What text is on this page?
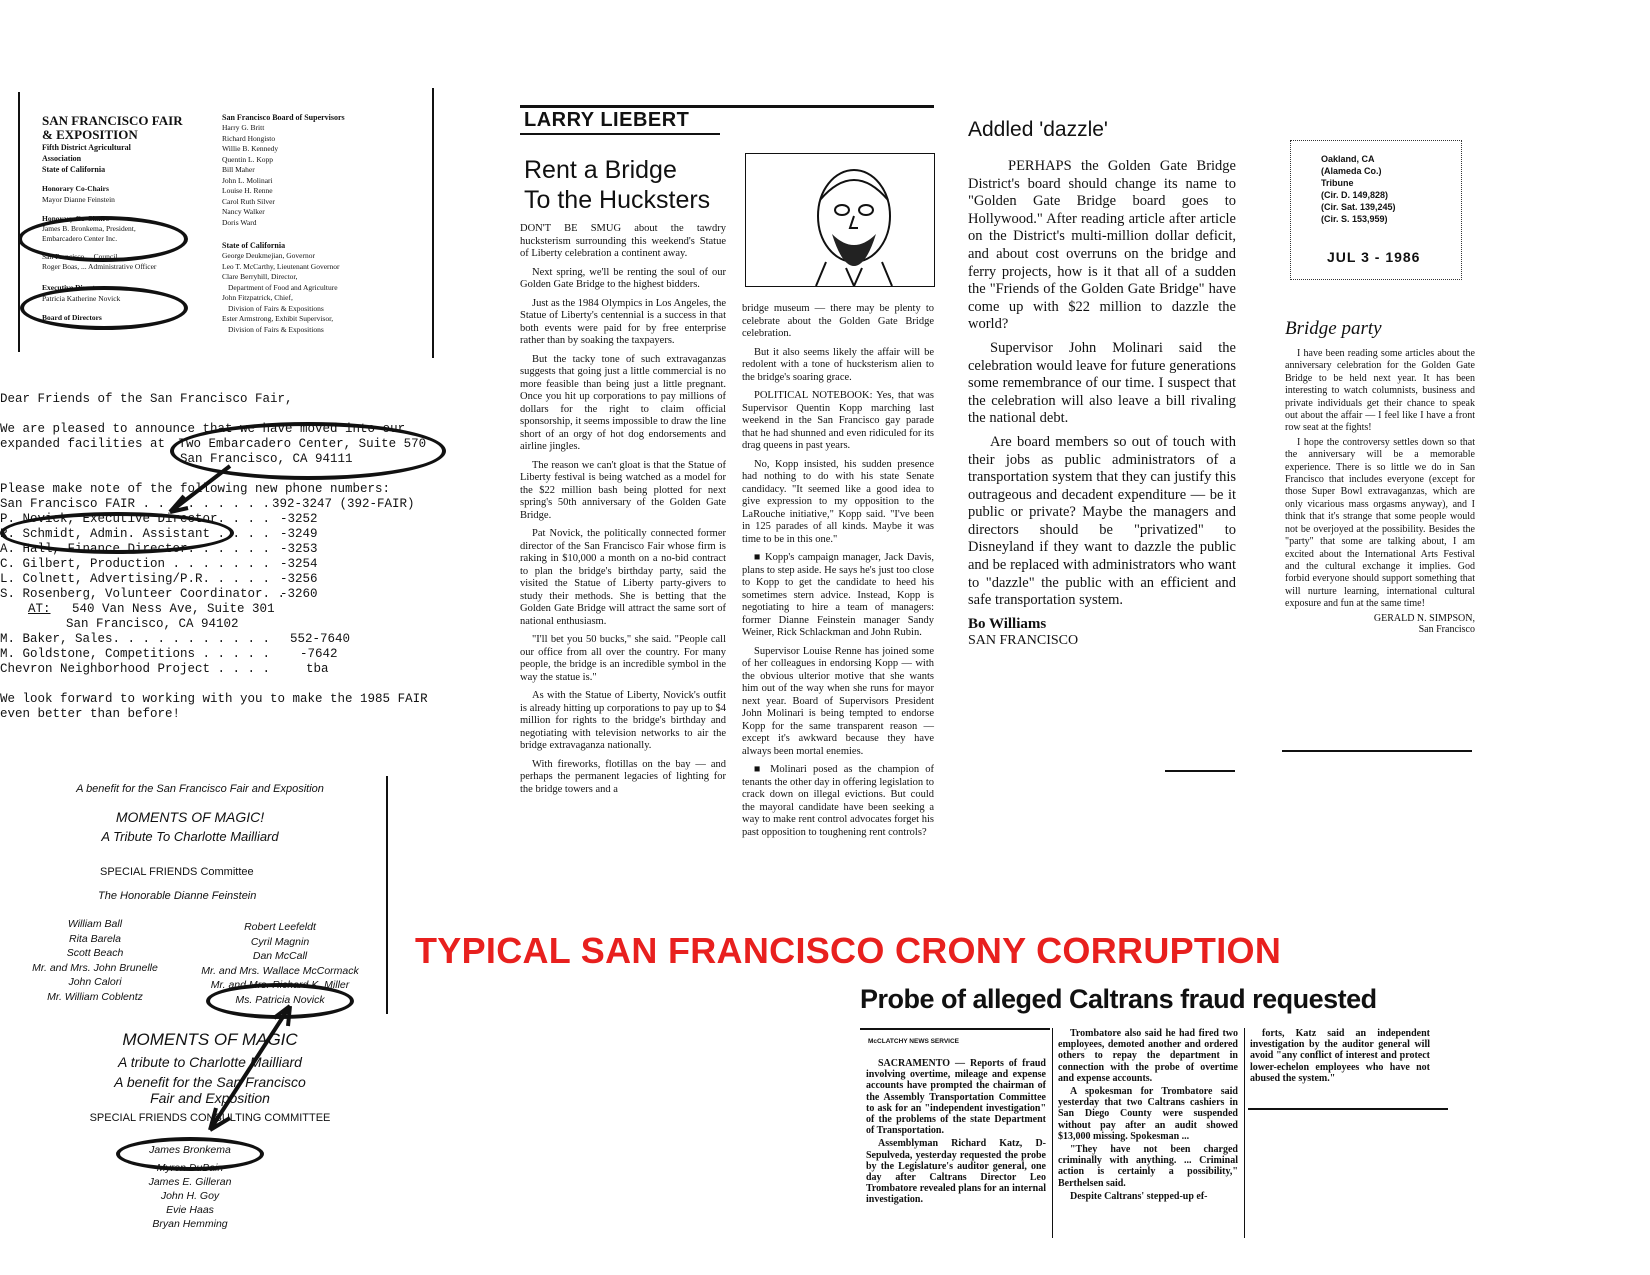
SAN FRANCISCO FAIR
& EXPOSITION
Fifth District Agricultural
Association
State of California
Honorary Co-Chairs
Mayor Dianne Feinstein
Honorary Co-Chairs
James B. Bronkema, President,
Embarcadero Center Inc.
San Francisco ... Council
Roger Boas, ... Administrative Officer
Executive Director
Patricia Katherine Novick
Board of Directors
San Francisco Board of Supervisors
Harry G. Britt
Richard Hongisto
Willie B. Kennedy
Quentin L. Kopp
Bill Maher
John L. Molinari
Louise H. Renne
Carol Ruth Silver
Nancy Walker
Doris Ward
State of California
George Deukmejian, Governor
Leo T. McCarthy, Lieutenant Governor
Clare Berryhill, Director,
Department of Food and Agriculture
John Fitzpatrick, Chief,
Division of Fairs & Expositions
Ester Armstrong, Exhibit Supervisor,
Division of Fairs & Expositions
Dear Friends of the San Francisco Fair,
We are pleased to announce that we have moved into our
expanded facilities at Two Embarcadero Center, Suite 570
San Francisco, CA 94111
Please make note of the following new phone numbers:
San Francisco FAIR . . . . . . . . . 392-3247 (392-FAIR)
P. Novick, Executive Director. . . . -3252
R. Schmidt, Admin. Assistant . . . . -3249
A. Hall, Finance Director. . . . . . -3253
C. Gilbert, Production . . . . . . . -3254
L. Colnett, Advertising/P.R. . . . . -3256
S. Rosenberg, Volunteer Coordinator. .-3260
AT: 540 Van Ness Ave, Suite 301
San Francisco, CA 94102
M. Baker, Sales. . . . . . . . . . . 552-7640
M. Goldstone, Competitions . . . . . -7642
Chevron Neighborhood Project . . . .	tba
We look forward to working with you to make the 1985 FAIR
even better than before!
A benefit for the San Francisco Fair and Exposition
MOMENTS OF MAGIC!
A Tribute To Charlotte Mailliard
SPECIAL FRIENDS Committee
The Honorable Dianne Feinstein
William Ball
Rita Barela
Scott Beach
Mr. and Mrs. John Brunelle
John Calori
Mr. William Coblentz
Robert Leefeldt
Cyril Magnin
Dan McCall
Mr. and Mrs. Wallace McCormack
Mr. and Mrs. Richard K. Miller
Ms. Patricia Novick
MOMENTS OF MAGIC
A tribute to Charlotte Mailliard
A benefit for the San Francisco
Fair and Exposition
SPECIAL FRIENDS CONSULTING COMMITTEE
James Bronkema
Myron DuBain
James E. Gilleran
John H. Goy
Evie Haas
Bryan Hemming
LARRY LIEBERT
Rent a Bridge
To the Hucksters

DON'T BE SMUG about the tawdry hucksterism surrounding this weekend's Statue of Liberty celebration a continent away.

Next spring, we'll be renting the soul of our Golden Gate Bridge to the highest bidders.

Just as the 1984 Olympics in Los Angeles, the Statue of Liberty's centennial is a success in that both events were paid for by free enterprise rather than by soaking the taxpayers.

But the tacky tone of such extravaganzas suggests that going just a little commercial is no more feasible than being just a little pregnant. Once you hit up corporations to pay millions of dollars for the right to claim official sponsorship, it seems impossible to draw the line short of an orgy of hot dog endorsements and airline jingles.

The reason we can't gloat is that the Statue of Liberty festival is being watched as a model for the $22 million bash being plotted for next spring's 50th anniversary of the Golden Gate Bridge.

Pat Novick, the politically connected former director of the San Francisco Fair whose firm is raking in $10,000 a month on a no-bid contract to plan the bridge's birthday party, said the visited the Statue of Liberty party-givers to study their methods. She is betting that the Golden Gate Bridge will attract the same sort of national enthusiasm.

"I'll bet you 50 bucks," she said. "People call our office from all over the country. For many people, the bridge is an incredible symbol in the way the statue is."

As with the Statue of Liberty, Novick's outfit is already hitting up corporations to pay up to $4 million for rights to the bridge's birthday and negotiating with television networks to air the bridge extravaganza nationally.

With fireworks, flotillas on the bay — and perhaps the permanent legacies of lighting for the bridge towers and a

bridge museum — there may be plenty to celebrate about the Golden Gate Bridge celebration.

But it also seems likely the affair will be redolent with a tone of hucksterism alien to the bridge's soaring grace.

POLITICAL NOTEBOOK: Yes, that was Supervisor Quentin Kopp marching last weekend in the San Francisco gay parade that he had shunned and even ridiculed for its drag queens in past years.

No, Kopp insisted, his sudden presence had nothing to do with his state Senate candidacy. "It seemed like a good idea to give expression to my opposition to the LaRouche initiative," Kopp said. "I've been in 125 parades of all kinds. Maybe it was time to be in this one."

■ Kopp's campaign manager, Jack Davis, plans to step aside. He says he's just too close to Kopp to get the candidate to heed his sometimes stern advice. Instead, Kopp is negotiating to hire a team of managers: former Dianne Feinstein manager Sandy Weiner, Rick Schlackman and John Rubin.

Supervisor Louise Renne has joined some of her colleagues in endorsing Kopp — with the obvious ulterior motive that she wants him out of the way when she runs for mayor next year. Board of Supervisors President John Molinari is being tempted to endorse Kopp for the same transparent reason — except it's awkward because they have always been mortal enemies.

■ Molinari posed as the champion of tenants the other day in offering legislation to crack down on illegal evictions. But could the mayoral candidate have been seeking a way to make rent control advocates forget his past opposition to toughening rent controls?

Addled 'dazzle'

PERHAPS the Golden Gate Bridge District's board should change its name to "Golden Gate Bridge board goes to Hollywood." After reading article after article on the District's multi-million dollar deficit, and about cost overruns on the bridge and ferry projects, how is it that all of a sudden the "Friends of the Golden Gate Bridge" have come up with $22 million to dazzle the world?

Supervisor John Molinari said the celebration would leave for future generations some remembrance of our time. I suspect that the celebration will also leave a bill rivaling the national debt.

Are board members so out of touch with their jobs as public administrators of a transportation system that they can justify this outrageous and decadent expenditure — be it public or private? Maybe the managers and directors should be "privatized" to Disneyland if they want to dazzle the public and be replaced with administrators who want to "dazzle" the public with an efficient and safe transportation system.

Bo Williams
SAN FRANCISCO
Oakland, CA
(Alameda Co.)
Tribune
(Cir. D. 149,828)
(Cir. Sat. 139,245)
(Cir. S. 153,959)
JUL 3 - 1986
Bridge party

I have been reading some articles about the anniversary celebration for the Golden Gate Bridge to be held next year. It has been interesting to watch columnists, business and private individuals get their chance to speak out about the affair — I feel like I have a front row seat at the fights!

I hope the controversy settles down so that the anniversary will be a memorable experience. There is so little we do in San Francisco that includes everyone (except for those Super Bowl extravaganzas, which are only vicarious mass orgasms anyway), and I think that it's strange that some people would not be overjoyed at the possibility. Besides the "party" that some are talking about, I am excited about the International Arts Festival and the cultural exchange it implies. God forbid everyone should support something that will nurture learning, international cultural exposure and fun at the same time!

GERALD N. SIMPSON,
San Francisco
TYPICAL SAN FRANCISCO CRONY CORRUPTION
Probe of alleged Caltrans fraud requested
McCLATCHY NEWS SERVICE

SACRAMENTO — Reports of fraud involving overtime, mileage and expense accounts have prompted the chairman of the Assembly Transportation Committee to ask for an "independent investigation" of the problems of the state Department of Transportation.

Assemblyman Richard Katz, D-Sepulveda, yesterday requested the probe by the Legislature's auditor general, one day after Caltrans Director Leo Trombatore revealed plans for an internal investigation.

Trombatore also said he had fired two employees, demoted another and ordered others to repay the department in connection with the probe of overtime and expense accounts.

A spokesman for Trombatore said yesterday that two Caltrans cashiers in San Diego County were suspended without pay after an audit showed $13,000 missing. Spokesman ...

"They have not been charged criminally with anything. ... Criminal action is certainly a possibility," Berthelsen said.

Despite Caltrans' stepped-up ef-

forts, Katz said an independent investigation by the auditor general will avoid "any conflict of interest and protect lower-echelon employees who have not abused the system."
